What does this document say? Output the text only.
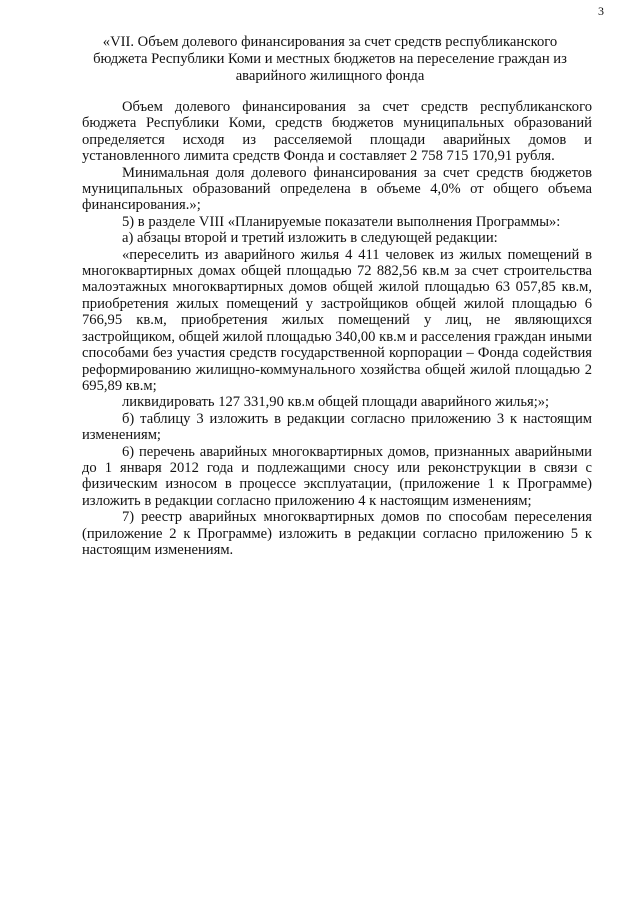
3
«VII. Объем долевого финансирования за счет средств республиканского бюджета Республики Коми и местных бюджетов на переселение граждан из аварийного жилищного фонда

Объем долевого финансирования за счет средств республиканского бюджета Республики Коми, средств бюджетов муниципальных образований определяется исходя из расселяемой площади аварийных домов и установленного лимита средств Фонда и составляет 2 758 715 170,91 рубля.

Минимальная доля долевого финансирования за счет средств бюджетов муниципальных образований определена в объеме 4,0% от общего объема финансирования.»;

5) в разделе VIII «Планируемые показатели выполнения Программы»:

а) абзацы второй и третий изложить в следующей редакции:

«переселить из аварийного жилья 4 411 человек из жилых помещений в многоквартирных домах общей площадью 72 882,56 кв.м за счет строительства малоэтажных многоквартирных домов общей жилой площадью 63 057,85 кв.м, приобретения жилых помещений у застройщиков общей жилой площадью 6 766,95 кв.м, приобретения жилых помещений у лиц, не являющихся застройщиком, общей жилой площадью 340,00 кв.м и расселения граждан иными способами без участия средств государственной корпорации – Фонда содействия реформированию жилищно-коммунального хозяйства общей жилой площадью 2 695,89 кв.м;

ликвидировать 127 331,90 кв.м общей площади аварийного жилья;»;

б) таблицу 3 изложить в редакции согласно приложению 3 к настоящим изменениям;

6) перечень аварийных многоквартирных домов, признанных аварийными до 1 января 2012 года и подлежащими сносу или реконструкции в связи с физическим износом в процессе эксплуатации, (приложение 1 к Программе) изложить в редакции согласно приложению 4 к настоящим изменениям;

7) реестр аварийных многоквартирных домов по способам переселения (приложение 2 к Программе) изложить в редакции согласно приложению 5 к настоящим изменениям.
